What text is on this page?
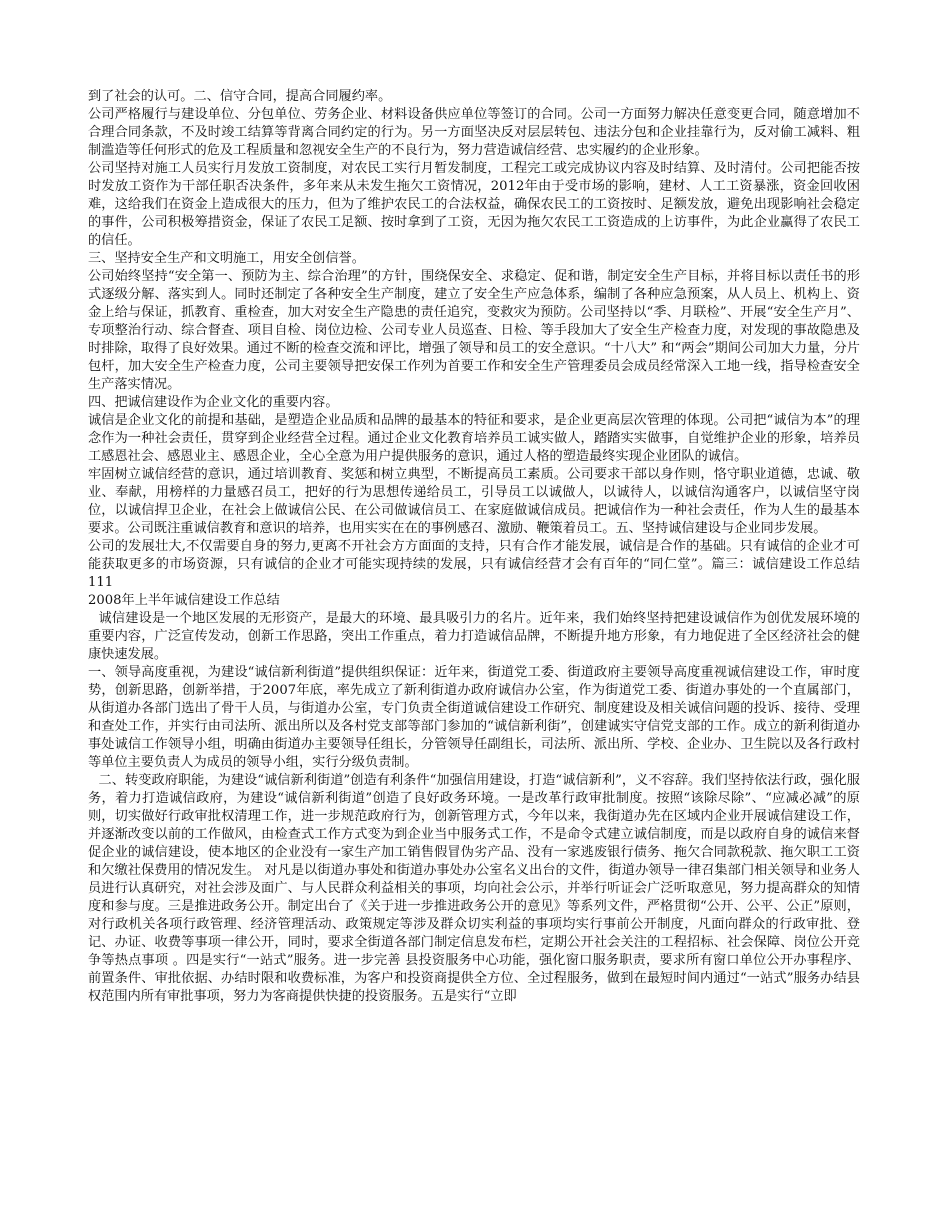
到了社会的认可。二、信守合同，提高合同履约率。

公司严格履行与建设单位、分包单位、劳务企业、材料设备供应单位等签订的合同。公司一方面努力解决任意变更合同，随意增加不合理合同条款，不及时竣工结算等背离合同约定的行为。另一方面坚决反对层层转包、违法分包和企业挂靠行为，反对偷工减料、粗制滥造等任何形式的危及工程质量和忽视安全生产的不良行为，努力营造诚信经营、忠实履约的企业形象。

公司坚持对施工人员实行月发放工资制度，对农民工实行月暂发制度，工程完工或完成协议内容及时结算、及时清付。公司把能否按时发放工资作为干部任职否决条件，多年来从未发生拖欠工资情况，2012年由于受市场的影响，建材、人工工资暴涨，资金回收困难，这给我们在资金上造成很大的压力，但为了维护农民工的合法权益，确保农民工的工资按时、足额发放，避免出现影响社会稳定的事件，公司积极筹措资金，保证了农民工足额、按时拿到了工资，无因为拖欠农民工工资造成的上访事件，为此企业赢得了农民工的信任。

三、坚持安全生产和文明施工，用安全创信誉。

公司始终坚持“安全第一、预防为主、综合治理”的方针，围绕保安全、求稳定、促和谐，制定安全生产目标，并将目标以责任书的形式逐级分解、落实到人。同时还制定了各种安全生产制度，建立了安全生产应急体系，编制了各种应急预案，从人员上、机构上、资金上给与保证，抓教育、重检查，加大对安全生产隐患的责任追究，变救灾为预防。公司坚持以“季、月联检”、开展“安全生产月”、专项整治行动、综合督查、项目自检、岗位边检、公司专业人员巡查、日检、等手段加大了安全生产检查力度，对发现的事故隐患及时排除，取得了良好效果。通过不断的检查交流和评比，增强了领导和员工的安全意识。“十八大” 和“两会”期间公司加大力量，分片包杆，加大安全生产检查力度，公司主要领导把安保工作列为首要工作和安全生产管理委员会成员经常深入工地一线，指导检查安全生产落实情况。

四、把诚信建设作为企业文化的重要内容。

诚信是企业文化的前提和基础，是塑造企业品质和品牌的最基本的特征和要求，是企业更高层次管理的体现。公司把“诚信为本”的理念作为一种社会责任，贯穿到企业经营全过程。通过企业文化教育培养员工诚实做人，踏踏实实做事，自觉维护企业的形象，培养员工感恩社会、感恩业主、感恩企业，全心全意为用户提供服务的意识，通过人格的塑造最终实现企业团队的诚信。

牢固树立诚信经营的意识，通过培训教育、奖惩和树立典型，不断提高员工素质。公司要求干部以身作则，恪守职业道德，忠诚、敬业、奉献，用榜样的力量感召员工，把好的行为思想传递给员工，引导员工以诚做人，以诚待人，以诚信沟通客户，以诚信坚守岗位，以诚信捍卫企业，在社会上做诚信公民、在公司做诚信员工、在家庭做诚信成员。把诚信作为一种社会责任，作为人生的最基本要求。公司既注重诚信教育和意识的培养，也用实实在在的事例感召、激励、鞭策着员工。五、坚持诚信建设与企业同步发展。

公司的发展壮大,不仅需要自身的努力,更离不开社会方方面面的支持，只有合作才能发展，诚信是合作的基础。只有诚信的企业才可能获取更多的市场资源，只有诚信的企业才可能实现持续的发展，只有诚信经营才会有百年的“同仁堂”。篇三：诚信建设工作总结111

2008年上半年诚信建设工作总结

诚信建设是一个地区发展的无形资产，是最大的环境、最具吸引力的名片。近年来，我们始终坚持把建设诚信作为创优发展环境的重要内容，广泛宣传发动，创新工作思路，突出工作重点，着力打造诚信品牌，不断提升地方形象，有力地促进了全区经济社会的健康快速发展。

一、领导高度重视，为建设“诚信新利街道”提供组织保证：近年来，街道党工委、街道政府主要领导高度重视诚信建设工作，审时度势，创新思路，创新举措，于2007年底，率先成立了新利街道办政府诚信办公室，作为街道党工委、街道办事处的一个直属部门，从街道办各部门选出了骨干人员，与街道办公室，专门负责全街道诚信建设工作研究、制度建设及相关诚信问题的投诉、接待、受理和查处工作，并实行由司法所、派出所以及各村党支部等部门参加的“诚信新利街”，创建诚实守信党支部的工作。成立的新利街道办事处诚信工作领导小组，明确由街道办主要领导任组长，分管领导任副组长，司法所、派出所、学校、企业办、卫生院以及各行政村等单位主要负责人为成员的领导小组，实行分级负责制。

二、转变政府职能，为建设“诚信新利街道”创造有利条件“加强信用建设，打造“诚信新利”，义不容辞。我们坚持依法行政，强化服务，着力打造诚信政府，为建设“诚信新利街道”创造了良好政务环境。一是改革行政审批制度。按照“该除尽除”、“应减必减”的原则，切实做好行政审批权清理工作，进一步规范政府行为，创新管理方式，今年以来，我街道办先在区域内企业开展诚信建设工作，并逐渐改变以前的工作做风，由检查式工作方式变为到企业当中服务式工作，不是命令式建立诚信制度，而是以政府自身的诚信来督促企业的诚信建设，使本地区的企业没有一家生产加工销售假冒伪劣产品、没有一家逃废银行债务、拖欠合同款税款、拖欠职工工资和欠缴社保费用的情况发生。 对凡是以街道办事处和街道办事处办公室名义出台的文件，街道办领导一律召集部门相关领导和业务人员进行认真研究，对社会涉及面广、与人民群众利益相关的事项，均向社会公示，并举行听证会广泛听取意见，努力提高群众的知情度和参与度。三是推进政务公开。制定出台了《关于进一步推进政务公开的意见》等系列文件，严格贯彻“公开、公平、公正”原则，对行政机关各项行政管理、经济管理活动、政策规定等涉及群众切实利益的事项均实行事前公开制度，凡面向群众的行政审批、登记、办证、收费等事项一律公开，同时，要求全街道各部门制定信息发布栏，定期公开社会关注的工程招标、社会保障、岗位公开竞争等热点事项 。四是实行“一站式”服务。进一步完善 县投资服务中心功能，强化窗口服务职责，要求所有窗口单位公开办事程序、前置条件、审批依据、办结时限和收费标准，为客户和投资商提供全方位、全过程服务，做到在最短时间内通过“一站式”服务办结县权范围内所有审批事项，努力为客商提供快捷的投资服务。五是实行“立即
